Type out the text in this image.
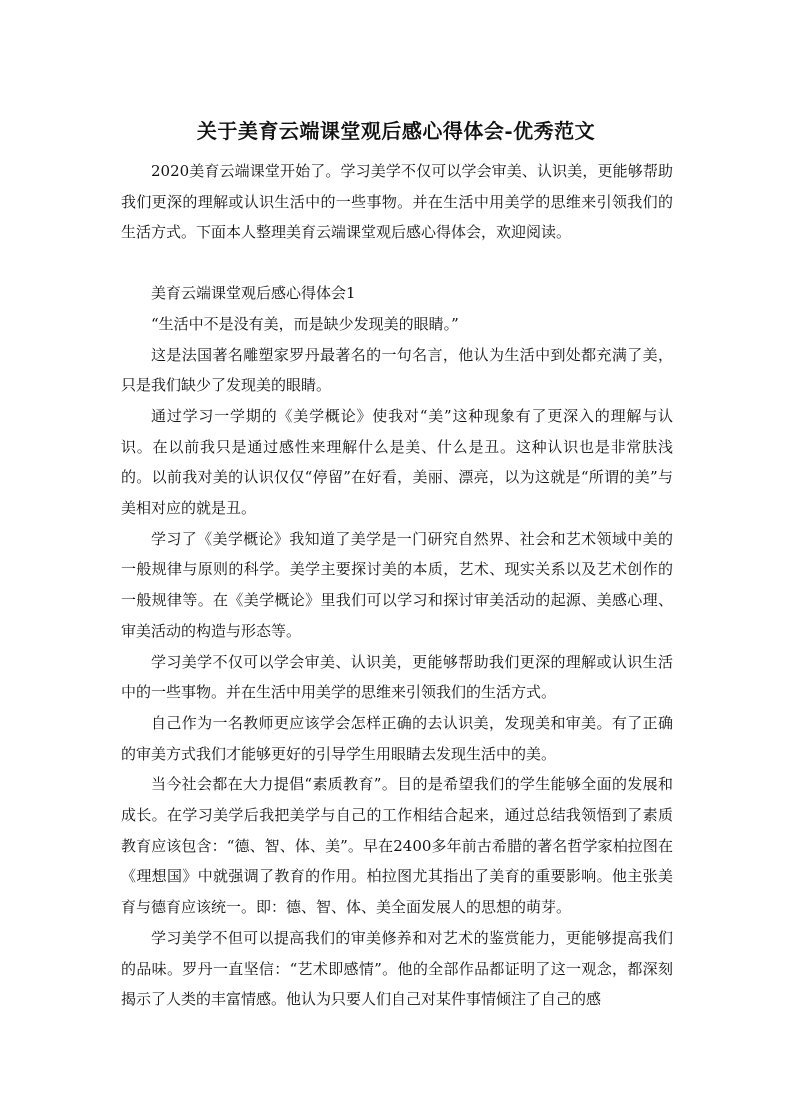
关于美育云端课堂观后感心得体会-优秀范文

2020美育云端课堂开始了。学习美学不仅可以学会审美、认识美，更能够帮助我们更深的理解或认识生活中的一些事物。并在生活中用美学的思维来引领我们的生活方式。下面本人整理美育云端课堂观后感心得体会，欢迎阅读。

美育云端课堂观后感心得体会1

“生活中不是没有美，而是缺少发现美的眼睛。”

这是法国著名雕塑家罗丹最著名的一句名言，他认为生活中到处都充满了美，只是我们缺少了发现美的眼睛。

通过学习一学期的《美学概论》使我对“美”这种现象有了更深入的理解与认识。在以前我只是通过感性来理解什么是美、什么是丑。这种认识也是非常肤浅的。以前我对美的认识仅仅“停留”在好看，美丽、漂亮，以为这就是“所谓的美”与美相对应的就是丑。

学习了《美学概论》我知道了美学是一门研究自然界、社会和艺术领域中美的一般规律与原则的科学。美学主要探讨美的本质，艺术、现实关系以及艺术创作的一般规律等。在《美学概论》里我们可以学习和探讨审美活动的起源、美感心理、审美活动的构造与形态等。

学习美学不仅可以学会审美、认识美，更能够帮助我们更深的理解或认识生活中的一些事物。并在生活中用美学的思维来引领我们的生活方式。

自己作为一名教师更应该学会怎样正确的去认识美，发现美和审美。有了正确的审美方式我们才能够更好的引导学生用眼睛去发现生活中的美。

当今社会都在大力提倡“素质教育”。目的是希望我们的学生能够全面的发展和成长。在学习美学后我把美学与自己的工作相结合起来，通过总结我领悟到了素质教育应该包含：“德、智、体、美”。早在2400多年前古希腊的著名哲学家柏拉图在《理想国》中就强调了教育的作用。柏拉图尤其指出了美育的重要影响。他主张美育与德育应该统一。即：德、智、体、美全面发展人的思想的萌芽。

学习美学不但可以提高我们的审美修养和对艺术的鉴赏能力，更能够提高我们的品味。罗丹一直坚信：“艺术即感情”。他的全部作品都证明了这一观念，都深刻揭示了人类的丰富情感。他认为只要人们自己对某件事情倾注了自己的感
